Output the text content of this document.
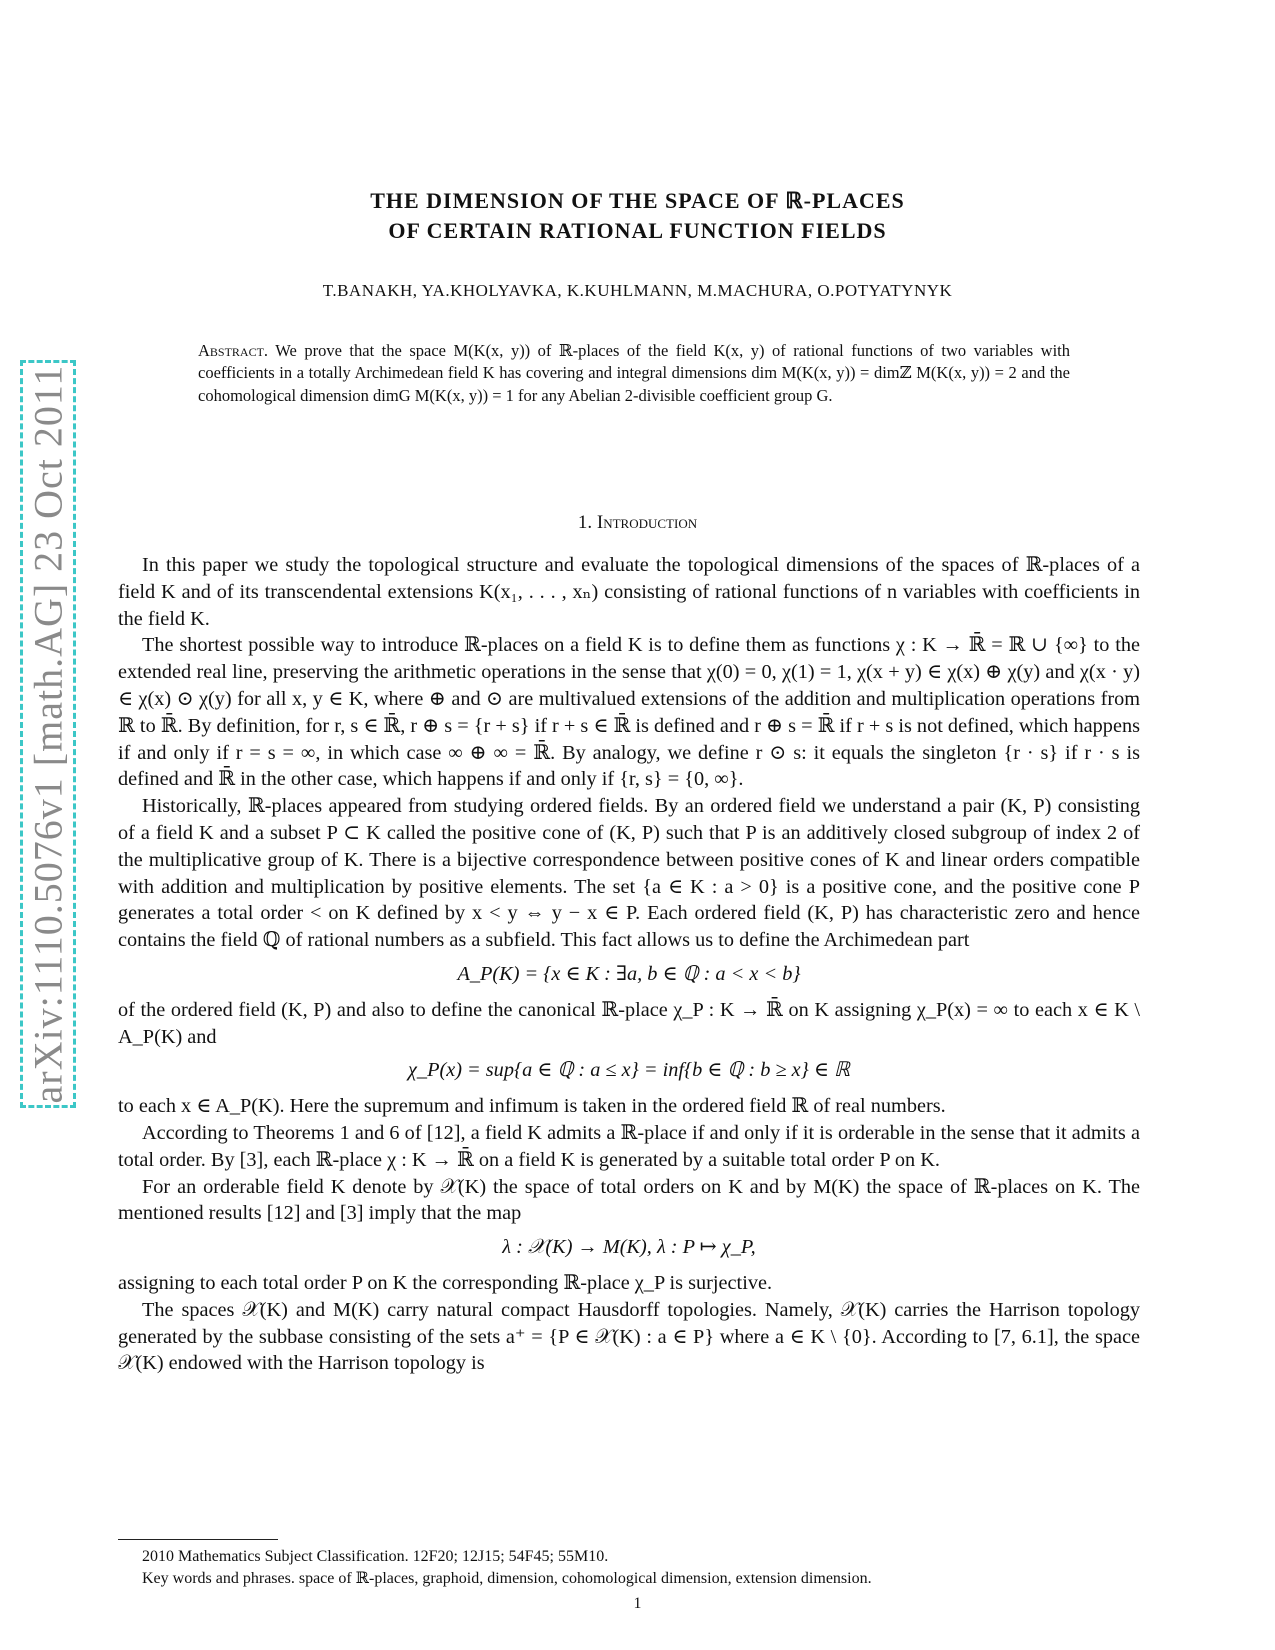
arXiv:1110.5076v1 [math.AG] 23 Oct 2011
THE DIMENSION OF THE SPACE OF ℝ-PLACES
OF CERTAIN RATIONAL FUNCTION FIELDS
T.BANAKH, YA.KHOLYAVKA, K.KUHLMANN, M.MACHURA, O.POTYATYNYK
Abstract. We prove that the space M(K(x, y)) of ℝ-places of the field K(x, y) of rational functions of two variables with coefficients in a totally Archimedean field K has covering and integral dimensions dim M(K(x, y)) = dimℤ M(K(x, y)) = 2 and the cohomological dimension dimG M(K(x, y)) = 1 for any Abelian 2-divisible coefficient group G.
1. Introduction

In this paper we study the topological structure and evaluate the topological dimensions of the spaces of ℝ-places of a field K and of its transcendental extensions K(x₁, . . . , xₙ) consisting of rational functions of n variables with coefficients in the field K.

The shortest possible way to introduce ℝ-places on a field K is to define them as functions χ : K → ℝ̄ = ℝ ∪ {∞} to the extended real line, preserving the arithmetic operations in the sense that χ(0) = 0, χ(1) = 1, χ(x + y) ∈ χ(x) ⊕ χ(y) and χ(x · y) ∈ χ(x) ⊙ χ(y) for all x, y ∈ K, where ⊕ and ⊙ are multivalued extensions of the addition and multiplication operations from ℝ to ℝ̄. By definition, for r, s ∈ ℝ̄, r ⊕ s = {r + s} if r + s ∈ ℝ̄ is defined and r ⊕ s = ℝ̄ if r + s is not defined, which happens if and only if r = s = ∞, in which case ∞ ⊕ ∞ = ℝ̄. By analogy, we define r ⊙ s: it equals the singleton {r · s} if r · s is defined and ℝ̄ in the other case, which happens if and only if {r, s} = {0, ∞}.

Historically, ℝ-places appeared from studying ordered fields. By an ordered field we understand a pair (K, P) consisting of a field K and a subset P ⊂ K called the positive cone of (K, P) such that P is an additively closed subgroup of index 2 of the multiplicative group of K. There is a bijective correspondence between positive cones of K and linear orders compatible with addition and multiplication by positive elements. The set {a ∈ K : a > 0} is a positive cone, and the positive cone P generates a total order < on K defined by x < y ⇔ y − x ∈ P. Each ordered field (K, P) has characteristic zero and hence contains the field ℚ of rational numbers as a subfield. This fact allows us to define the Archimedean part

A_P(K) = {x ∈ K : ∃a, b ∈ ℚ : a < x < b}

of the ordered field (K, P) and also to define the canonical ℝ-place χ_P : K → ℝ̄ on K assigning χ_P(x) = ∞ to each x ∈ K \ A_P(K) and

χ_P(x) = sup{a ∈ ℚ : a ≤ x} = inf{b ∈ ℚ : b ≥ x} ∈ ℝ

to each x ∈ A_P(K). Here the supremum and infimum is taken in the ordered field ℝ of real numbers.

According to Theorems 1 and 6 of [12], a field K admits a ℝ-place if and only if it is orderable in the sense that it admits a total order. By [3], each ℝ-place χ : K → ℝ̄ on a field K is generated by a suitable total order P on K.

For an orderable field K denote by 𝒳(K) the space of total orders on K and by M(K) the space of ℝ-places on K. The mentioned results [12] and [3] imply that the map

λ : 𝒳(K) → M(K), λ : P ↦ χ_P,

assigning to each total order P on K the corresponding ℝ-place χ_P is surjective.

The spaces 𝒳(K) and M(K) carry natural compact Hausdorff topologies. Namely, 𝒳(K) carries the Harrison topology generated by the subbase consisting of the sets a⁺ = {P ∈ 𝒳(K) : a ∈ P} where a ∈ K \ {0}. According to [7, 6.1], the space 𝒳(K) endowed with the Harrison topology is

2010 Mathematics Subject Classification. 12F20; 12J15; 54F45; 55M10.
Key words and phrases. space of ℝ-places, graphoid, dimension, cohomological dimension, extension dimension.
1
